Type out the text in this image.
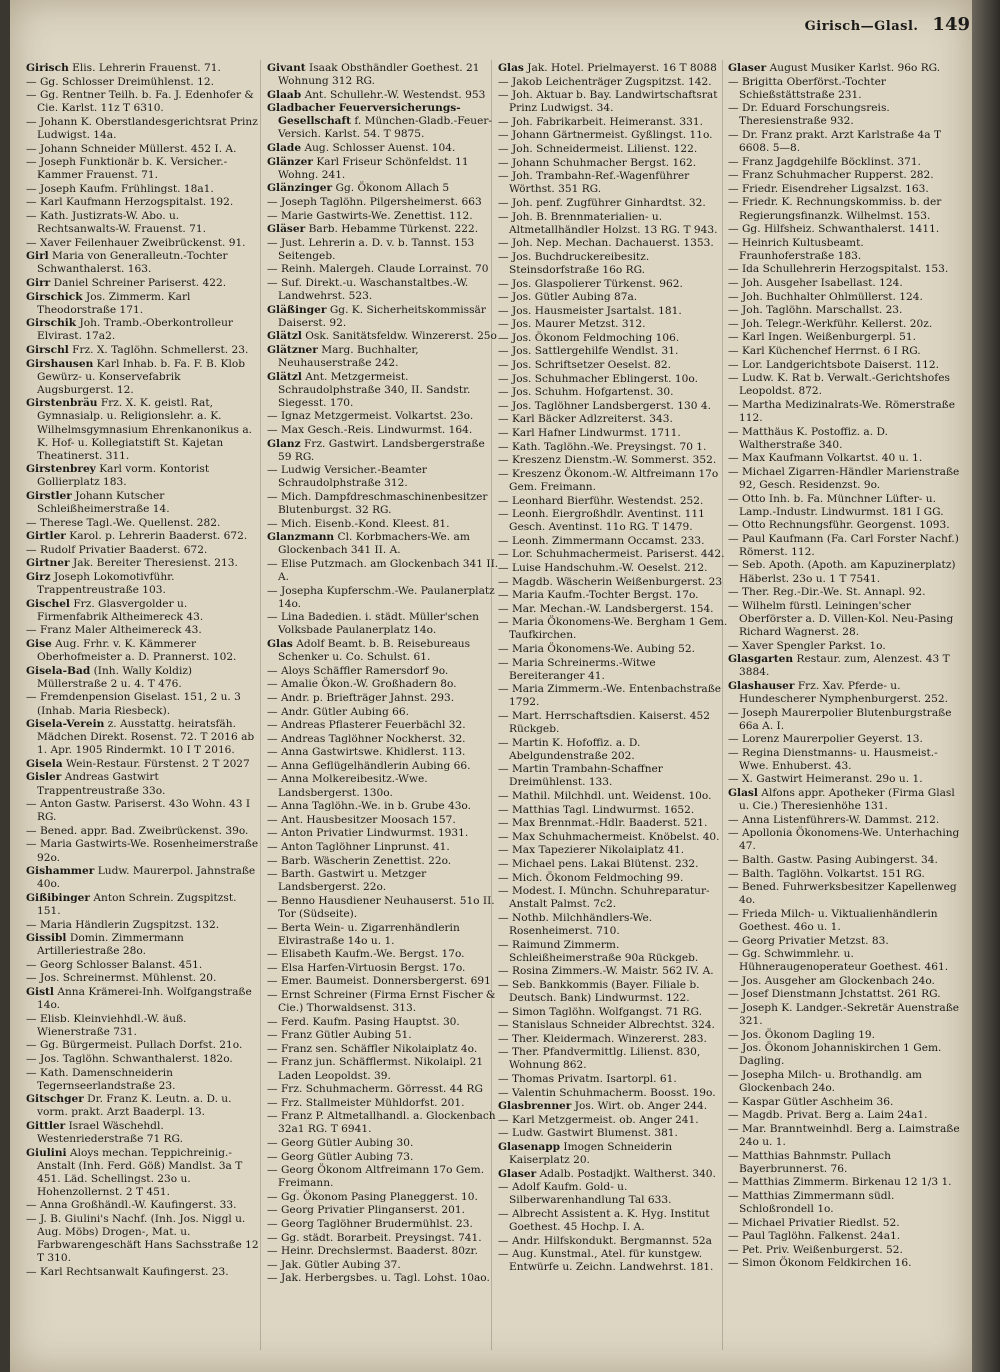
Girisch—Glasl. 149

Girisch Elis. Lehrerin Frauenst. 71.

— Gg. Schlosser Dreimühlenst. 12.

— Gg. Rentner Teilh. b. Fa. J. Edenhofer & Cie. Karlst. 11z T 6310.

— Johann K. Oberstlandesgerichtsrat Prinz Ludwigst. 14a.

— Johann Schneider Müllerst. 452 I. A.

— Joseph Funktionär b. K. Versicher.-Kammer Frauenst. 71.

— Joseph Kaufm. Frühlingst. 18a1.

— Karl Kaufmann Herzogspitalst. 192.

— Kath. Justizrats-W. Abo. u. Rechtsanwalts-W. Frauenst. 71.

— Xaver Feilenhauer Zweibrückenst. 91.

Girl Maria von Generalleutn.-Tochter Schwanthalerst. 163.

Girr Daniel Schreiner Pariserst. 422.

Girschick Jos. Zimmerm. Karl Theodorstraße 171.

Girschik Joh. Tramb.-Oberkontrolleur Elvirast. 17a2.

Girschl Frz. X. Taglöhn. Schmellerst. 23.

Girshausen Karl Inhab. b. Fa. F. B. Klob Gewürz- u. Konservefabrik Augsburgerst. 12.

Girstenbräu Frz. X. K. geistl. Rat, Gymnasialp. u. Religionslehr. a. K. Wilhelmsgymnasium Ehrenkanonikus a. K. Hof- u. Kollegiatstift St. Kajetan Theatinerst. 311.

Girstenbrey Karl vorm. Kontorist Gollierplatz 183.

Girstler Johann Kutscher Schleißheimerstraße 14.

— Therese Tagl.-We. Quellenst. 282.

Girtler Karol. p. Lehrerin Baaderst. 672.

— Rudolf Privatier Baaderst. 672.

Girtner Jak. Bereiter Theresienst. 213.

Girz Joseph Lokomotivführ. Trappentreustraße 103.

Gischel Frz. Glasvergolder u. Firmenfabrik Altheimereck 43.

— Franz Maler Altheimereck 43.

Gise Aug. Frhr. v. K. Kämmerer Oberhofmeister a. D. Prannerst. 102.

Gisela-Bad (Inh. Wally Koldiz) Müllerstraße 2 u. 4. T 476.

— Fremdenpension Giselast. 151, 2 u. 3 (Inhab. Maria Riesbeck).

Gisela-Verein z. Ausstattg. heiratsfäh. Mädchen Direkt. Rosenst. 72. T 2016 ab 1. Apr. 1905 Rindermkt. 10 I T 2016.

Gisela Wein-Restaur. Fürstenst. 2 T 2027

Gisler Andreas Gastwirt Trappentreustraße 33o.

— Anton Gastw. Pariserst. 43o Wohn. 43 I RG.

— Bened. appr. Bad. Zweibrückenst. 39o.

— Maria Gastwirts-We. Rosenheimerstraße 92o.

Gishammer Ludw. Maurerpol. Jahnstraße 40o.

Gißibinger Anton Schrein. Zugspitzst. 151.

— Maria Händlerin Zugspitzst. 132.

Gissibl Domin. Zimmermann Artilleriestraße 28o.

— Georg Schlosser Balanst. 451.

— Jos. Schreinermst. Mühlenst. 20.

Gistl Anna Krämerei-Inh. Wolfgangstraße 14o.

— Elisb. Kleinviehhdl.-W. äuß. Wienerstraße 731.

— Gg. Bürgermeist. Pullach Dorfst. 21o.

— Jos. Taglöhn. Schwanthalerst. 182o.

— Kath. Damenschneiderin Tegernseerlandstraße 23.

Gitschger Dr. Franz K. Leutn. a. D. u. vorm. prakt. Arzt Baaderpl. 13.

Gittler Israel Wäschehdl. Westenriederstraße 71 RG.

Giulini Aloys mechan. Teppichreinig.-Anstalt (Inh. Ferd. Göß) Mandlst. 3a T 451. Läd. Schellingst. 23o u. Hohenzollernst. 2 T 451.

— Anna Großhändl.-W. Kaufingerst. 33.

— J. B. Giulini's Nachf. (Inh. Jos. Niggl u. Aug. Möbs) Drogen-, Mat. u. Farbwarengeschäft Hans Sachsstraße 12 T 310.

— Karl Rechtsanwalt Kaufingerst. 23.

Givant Isaak Obsthändler Goethest. 21 Wohnung 312 RG.

Glaab Ant. Schullehr.-W. Westendst. 953

Gladbacher Feuerversicherungs-Gesellschaft f. München-Gladb.-Feuer-Versich. Karlst. 54. T 9875.

Glade Aug. Schlosser Auenst. 104.

Glänzer Karl Friseur Schönfeldst. 11 Wohng. 241.

Glänzinger Gg. Ökonom Allach 5

— Joseph Taglöhn. Pilgersheimerst. 663

— Marie Gastwirts-We. Zenettist. 112.

Gläser Barb. Hebamme Türkenst. 222.

— Just. Lehrerin a. D. v. b. Tannst. 153 Seitengeb.

— Reinh. Malergeh. Claude Lorrainst. 70

— Suf. Direkt.-u. Waschanstaltbes.-W. Landwehrst. 523.

Gläßinger Gg. K. Sicherheitskommissär Daiserst. 92.

Glätzl Osk. Sanitätsfeldw. Winzererst. 25o

Glätzner Marg. Buchhalter, Neuhauserstraße 242.

Glätzl Ant. Metzgermeist. Schraudolphstraße 340, II. Sandstr. Siegesst. 170.

— Ignaz Metzgermeist. Volkartst. 23o.

— Max Gesch.-Reis. Lindwurmst. 164.

Glanz Frz. Gastwirt. Landsbergerstraße 59 RG.

— Ludwig Versicher.-Beamter Schraudolphstraße 312.

— Mich. Dampfdreschmaschinenbesitzer Blutenburgst. 32 RG.

— Mich. Eisenb.-Kond. Kleest. 81.

Glanzmann Cl. Korbmachers-We. am Glockenbach 341 II. A.

— Elise Putzmach. am Glockenbach 341 II. A.

— Josepha Kupferschm.-We. Paulanerplatz 14o.

— Lina Badedien. i. städt. Müller'schen Volksbade Paulanerplatz 14o.

Glas Adolf Beamt. b. B. Reisebureaus Schenker u. Co. Schulst. 61.

— Aloys Schäffler Ramersdorf 9o.

— Amalie Ökon.-W. Großhadern 8o.

— Andr. p. Briefträger Jahnst. 293.

— Andr. Gütler Aubing 66.

— Andreas Pflasterer Feuerbächl 32.

— Andreas Taglöhner Nockherst. 32.

— Anna Gastwirtswe. Khidlerst. 113.

— Anna Geflügelhändlerin Aubing 66.

— Anna Molkereibesitz.-Wwe. Landsbergerst. 130o.

— Anna Taglöhn.-We. in b. Grube 43o.

— Ant. Hausbesitzer Moosach 157.

— Anton Privatier Lindwurmst. 1931.

— Anton Taglöhner Linprunst. 41.

— Barb. Wäscherin Zenettist. 22o.

— Barth. Gastwirt u. Metzger Landsbergerst. 22o.

— Benno Hausdiener Neuhauserst. 51o II. Tor (Südseite).

— Berta Wein- u. Zigarrenhändlerin Elvirastraße 14o u. 1.

— Elisabeth Kaufm.-We. Bergst. 17o.

— Elsa Harfen-Virtuosin Bergst. 17o.

— Emer. Baumeist. Donnersbergerst. 691

— Ernst Schreiner (Firma Ernst Fischer & Cie.) Thorwaldsenst. 313.

— Ferd. Kaufm. Pasing Hauptst. 30.

— Franz Gütler Aubing 51.

— Franz sen. Schäffler Nikolaiplatz 4o.

— Franz jun. Schäfflermst. Nikolaipl. 21 Laden Leopoldst. 39.

— Frz. Schuhmacherm. Görresst. 44 RG

— Frz. Stallmeister Mühldorfst. 201.

— Franz P. Altmetallhandl. a. Glockenbach 32a1 RG. T 6941.

— Georg Gütler Aubing 30.

— Georg Gütler Aubing 73.

— Georg Ökonom Altfreimann 17o Gem. Freimann.

— Gg. Ökonom Pasing Planeggerst. 10.

— Georg Privatier Plinganserst. 201.

— Georg Taglöhner Brudermühlst. 23.

— Gg. städt. Borarbeit. Preysingst. 741.

— Heinr. Drechslermst. Baaderst. 80zr.

— Jak. Gütler Aubing 37.

— Jak. Herbergsbes. u. Tagl. Lohst. 10ao.

Glas Jak. Hotel. Prielmayerst. 16 T 8088

— Jakob Leichenträger Zugspitzst. 142.

— Joh. Aktuar b. Bay. Landwirtschaftsrat Prinz Ludwigst. 34.

— Joh. Fabrikarbeit. Heimeranst. 331.

— Johann Gärtnermeist. Gyßlingst. 11o.

— Joh. Schneidermeist. Lilienst. 122.

— Johann Schuhmacher Bergst. 162.

— Joh. Trambahn-Ref.-Wagenführer Wörthst. 351 RG.

— Joh. penf. Zugführer Ginhardtst. 32.

— Joh. B. Brennmaterialien- u. Altmetallhändler Holzst. 13 RG. T 943.

— Joh. Nep. Mechan. Dachauerst. 1353.

— Jos. Buchdruckereibesitz. Steinsdorfstraße 16o RG.

— Jos. Glaspolierer Türkenst. 962.

— Jos. Gütler Aubing 87a.

— Jos. Hausmeister Jsartalst. 181.

— Jos. Maurer Metzst. 312.

— Jos. Ökonom Feldmoching 106.

— Jos. Sattlergehilfe Wendlst. 31.

— Jos. Schriftsetzer Oeselst. 82.

— Jos. Schuhmacher Eblingerst. 10o.

— Jos. Schuhm. Hofgartenst. 30.

— Jos. Taglöhner Landsbergerst. 130 4.

— Karl Bäcker Adlzreiterst. 343.

— Karl Hafner Lindwurmst. 1711.

— Kath. Taglöhn.-We. Preysingst. 70 1.

— Kreszenz Dienstm.-W. Sommerst. 352.

— Kreszenz Ökonom.-W. Altfreimann 17o Gem. Freimann.

— Leonhard Bierführ. Westendst. 252.

— Leonh. Eiergroßhdlr. Aventinst. 111 Gesch. Aventinst. 11o RG. T 1479.

— Leonh. Zimmermann Occamst. 233.

— Lor. Schuhmachermeist. Pariserst. 442.

— Luise Handschuhm.-W. Oeselst. 212.

— Magdb. Wäscherin Weißenburgerst. 23

— Maria Kaufm.-Tochter Bergst. 17o.

— Mar. Mechan.-W. Landsbergerst. 154.

— Maria Ökonomens-We. Bergham 1 Gem. Taufkirchen.

— Maria Ökonomens-We. Aubing 52.

— Maria Schreinerms.-Witwe Bereiteranger 41.

— Maria Zimmerm.-We. Entenbachstraße 1792.

— Mart. Herrschaftsdien. Kaiserst. 452 Rückgeb.

— Martin K. Hofoffiz. a. D. Abelgundenstraße 202.

— Martin Trambahn-Schaffner Dreimühlenst. 133.

— Mathil. Milchhdl. unt. Weidenst. 10o.

— Matthias Tagl. Lindwurmst. 1652.

— Max Brennmat.-Hdlr. Baaderst. 521.

— Max Schuhmachermeist. Knöbelst. 40.

— Max Tapezierer Nikolaiplatz 41.

— Michael pens. Lakai Blütenst. 232.

— Mich. Ökonom Feldmoching 99.

— Modest. I. Münchn. Schuhreparatur-Anstalt Palmst. 7c2.

— Nothb. Milchhändlers-We. Rosenheimerst. 710.

— Raimund Zimmerm. Schleißheimerstraße 90a Rückgeb.

— Rosina Zimmers.-W. Maistr. 562 IV. A.

— Seb. Bankkommis (Bayer. Filiale b. Deutsch. Bank) Lindwurmst. 122.

— Simon Taglöhn. Wolfgangst. 71 RG.

— Stanislaus Schneider Albrechtst. 324.

— Ther. Kleidermach. Winzererst. 283.

— Ther. Pfandvermittlg. Lilienst. 830, Wohnung 862.

— Thomas Privatm. Isartorpl. 61.

— Valentin Schuhmacherm. Boosst. 19o.

Glasbrenner Jos. Wirt. ob. Anger 244.

— Karl Metzgermeist. ob. Anger 241.

— Ludw. Gastwirt Blumenst. 381.

Glasenapp Imogen Schneiderin Kaiserplatz 20.

Glaser Adalb. Postadjkt. Waltherst. 340.

— Adolf Kaufm. Gold- u. Silberwarenhandlung Tal 633.

— Albrecht Assistent a. K. Hyg. Institut Goethest. 45 Hochp. I. A.

— Andr. Hilfskondukt. Bergmannst. 52a

— Aug. Kunstmal., Atel. für kunstgew. Entwürfe u. Zeichn. Landwehrst. 181.

Glaser August Musiker Karlst. 96o RG.

— Brigitta Oberförst.-Tochter Schießstättstraße 231.

— Dr. Eduard Forschungsreis. Theresienstraße 932.

— Dr. Franz prakt. Arzt Karlstraße 4a T 6608. 5—8.

— Franz Jagdgehilfe Böcklinst. 371.

— Franz Schuhmacher Rupperst. 282.

— Friedr. Eisendreher Ligsalzst. 163.

— Friedr. K. Rechnungskommiss. b. der Regierungsfinanzk. Wilhelmst. 153.

— Gg. Hilfsheiz. Schwanthalerst. 1411.

— Heinrich Kultusbeamt. Fraunhoferstraße 183.

— Ida Schullehrerin Herzogspitalst. 153.

— Joh. Ausgeher Isabellast. 124.

— Joh. Buchhalter Ohlmüllerst. 124.

— Joh. Taglöhn. Marschallst. 23.

— Joh. Telegr.-Werkführ. Kellerst. 20z.

— Karl Ingen. Weißenburgerpl. 51.

— Karl Küchenchef Herrnst. 6 I RG.

— Lor. Landgerichtsbote Daiserst. 112.

— Ludw. K. Rat b. Verwalt.-Gerichtshofes Leopoldst. 872.

— Martha Medizinalrats-We. Römerstraße 112.

— Matthäus K. Postoffiz. a. D. Waltherstraße 340.

— Max Kaufmann Volkartst. 40 u. 1.

— Michael Zigarren-Händler Marienstraße 92, Gesch. Residenzst. 9o.

— Otto Inh. b. Fa. Münchner Lüfter- u. Lamp.-Industr. Lindwurmst. 181 I GG.

— Otto Rechnungsführ. Georgenst. 1093.

— Paul Kaufmann (Fa. Carl Forster Nachf.) Römerst. 112.

— Seb. Apoth. (Apoth. am Kapuzinerplatz) Häberlst. 23o u. 1 T 7541.

— Ther. Reg.-Dir.-We. St. Annapl. 92.

— Wilhelm fürstl. Leiningen'scher Oberförster a. D. Villen-Kol. Neu-Pasing Richard Wagnerst. 28.

— Xaver Spengler Parkst. 1o.

Glasgarten Restaur. zum, Alenzest. 43 T 3884.

Glashauser Frz. Xav. Pferde- u. Hundescherer Nymphenburgerst. 252.

— Joseph Maurerpolier Blutenburgstraße 66a A. I.

— Lorenz Maurerpolier Geyerst. 13.

— Regina Dienstmanns- u. Hausmeist.-Wwe. Enhuberst. 43.

— X. Gastwirt Heimeranst. 29o u. 1.

Glasl Alfons appr. Apotheker (Firma Glasl u. Cie.) Theresienhöhe 131.

— Anna Listenführers-W. Dammst. 212.

— Apollonia Ökonomens-We. Unterhaching 47.

— Balth. Gastw. Pasing Aubingerst. 34.

— Balth. Taglöhn. Volkartst. 151 RG.

— Bened. Fuhrwerksbesitzer Kapellenweg 4o.

— Frieda Milch- u. Viktualienhändlerin Goethest. 46o u. 1.

— Georg Privatier Metzst. 83.

— Gg. Schwimmlehr. u. Hühneraugenoperateur Goethest. 461.

— Jos. Ausgeher am Glockenbach 24o.

— Josef Dienstmann Jchstattst. 261 RG.

— Joseph K. Landger.-Sekretär Auenstraße 321.

— Jos. Ökonom Dagling 19.

— Jos. Ökonom Johanniskirchen 1 Gem. Dagling.

— Josepha Milch- u. Brothandlg. am Glockenbach 24o.

— Kaspar Gütler Aschheim 36.

— Magdb. Privat. Berg a. Laim 24a1.

— Mar. Branntweinhdl. Berg a. Laimstraße 24o u. 1.

— Matthias Bahnmstr. Pullach Bayerbrunnerst. 76.

— Matthias Zimmerm. Birkenau 12 1/3 1.

— Matthias Zimmermann südl. Schloßrondell 1o.

— Michael Privatier Riedlst. 52.

— Paul Taglöhn. Falkenst. 24a1.

— Pet. Priv. Weißenburgerst. 52.

— Simon Ökonom Feldkirchen 16.
